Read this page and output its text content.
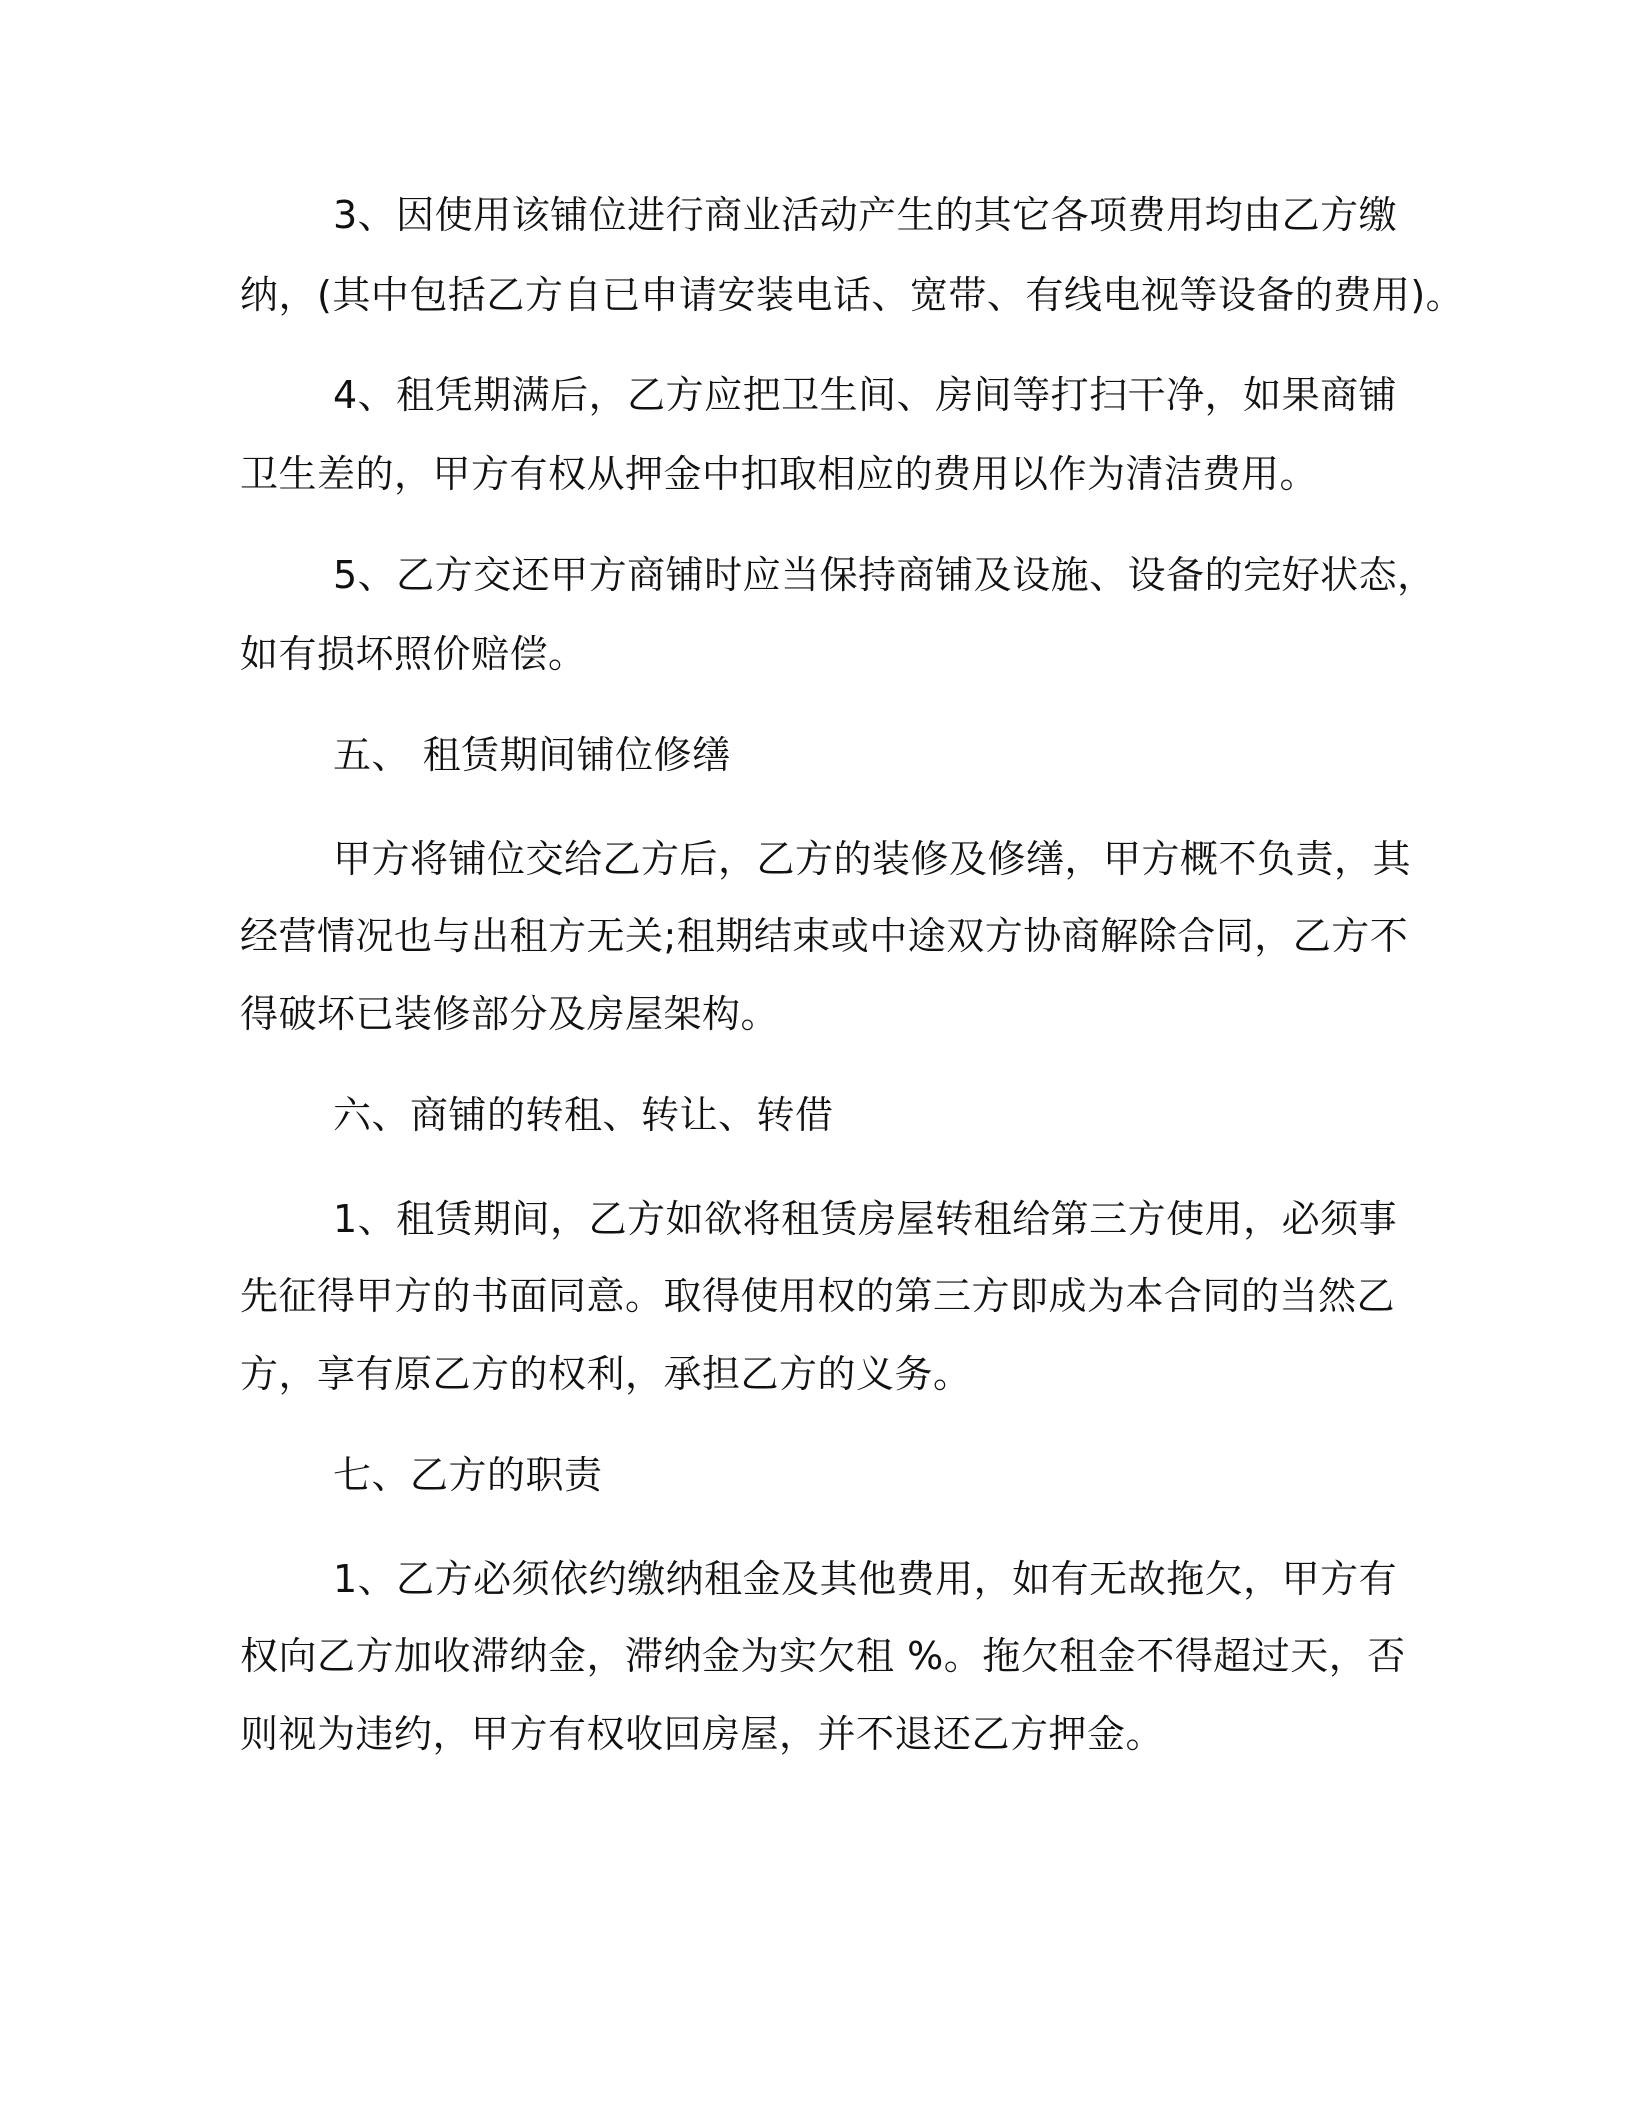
3、因使用该铺位进行商业活动产生的其它各项费用均由乙方缴
纳，(其中包括乙方自已申请安装电话、宽带、有线电视等设备的费用)。
4、租凭期满后，乙方应把卫生间、房间等打扫干净，如果商铺
卫生差的，甲方有权从押金中扣取相应的费用以作为清洁费用。
5、乙方交还甲方商铺时应当保持商铺及设施、设备的完好状态，
如有损坏照价赔偿。
五、 租赁期间铺位修缮
甲方将铺位交给乙方后，乙方的装修及修缮，甲方概不负责，其
经营情况也与出租方无关;租期结束或中途双方协商解除合同，乙方不
得破坏已装修部分及房屋架构。
六、商铺的转租、转让、转借
1、租赁期间，乙方如欲将租赁房屋转租给第三方使用，必须事
先征得甲方的书面同意。取得使用权的第三方即成为本合同的当然乙
方，享有原乙方的权利，承担乙方的义务。
七、乙方的职责
1、乙方必须依约缴纳租金及其他费用，如有无故拖欠，甲方有
权向乙方加收滞纳金，滞纳金为实欠租 %。拖欠租金不得超过天，否
则视为违约，甲方有权收回房屋，并不退还乙方押金。
